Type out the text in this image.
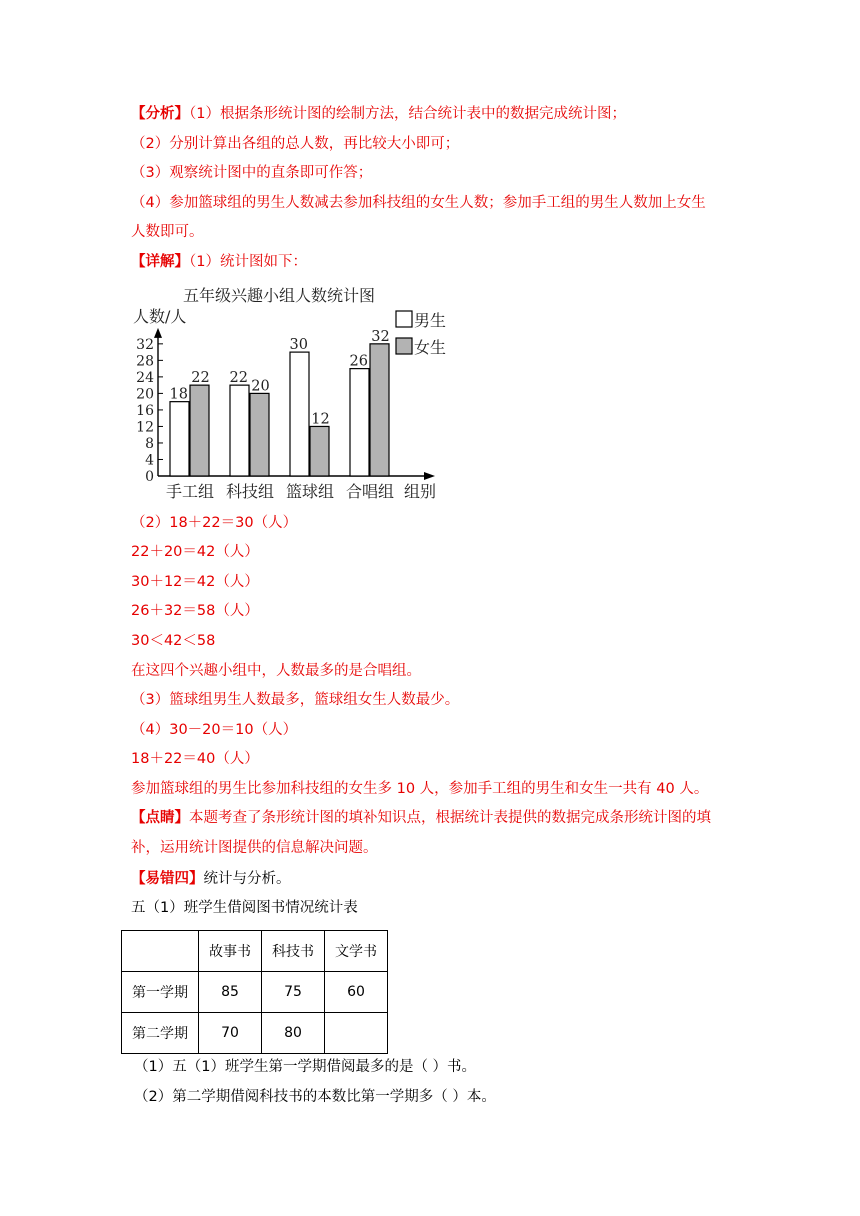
【分析】（1）根据条形统计图的绘制方法，结合统计表中的数据完成统计图；
（2）分别计算出各组的总人数，再比较大小即可；
（3）观察统计图中的直条即可作答；
（4）参加篮球组的男生人数减去参加科技组的女生人数；参加手工组的男生人数加上女生
人数即可。
【详解】（1）统计图如下：
五年级兴趣小组人数统计图
人数/人
组别
男生
女生
0
4
8
12
16
20
24
28
32
18
22
手工组
22
20
科技组
30
12
篮球组
26
32
合唱组
（2）18＋22＝30（人）
22＋20＝42（人）
30＋12＝42（人）
26＋32＝58（人）
30＜42＜58
在这四个兴趣小组中，人数最多的是合唱组。
（3）篮球组男生人数最多，篮球组女生人数最少。
（4）30－20＝10（人）
18＋22＝40（人）
参加篮球组的男生比参加科技组的女生多 10 人，参加手工组的男生和女生一共有 40 人。
【点睛】本题考查了条形统计图的填补知识点，根据统计表提供的数据完成条形统计图的填
补，运用统计图提供的信息解决问题。
【易错四】统计与分析。
五（1）班学生借阅图书情况统计表
	故事书	科技书	文学书
第一学期	85	75	60
第二学期	70	80	
（1）五（1）班学生第一学期借阅最多的是（ ）书。
（2）第二学期借阅科技书的本数比第一学期多（ ）本。
